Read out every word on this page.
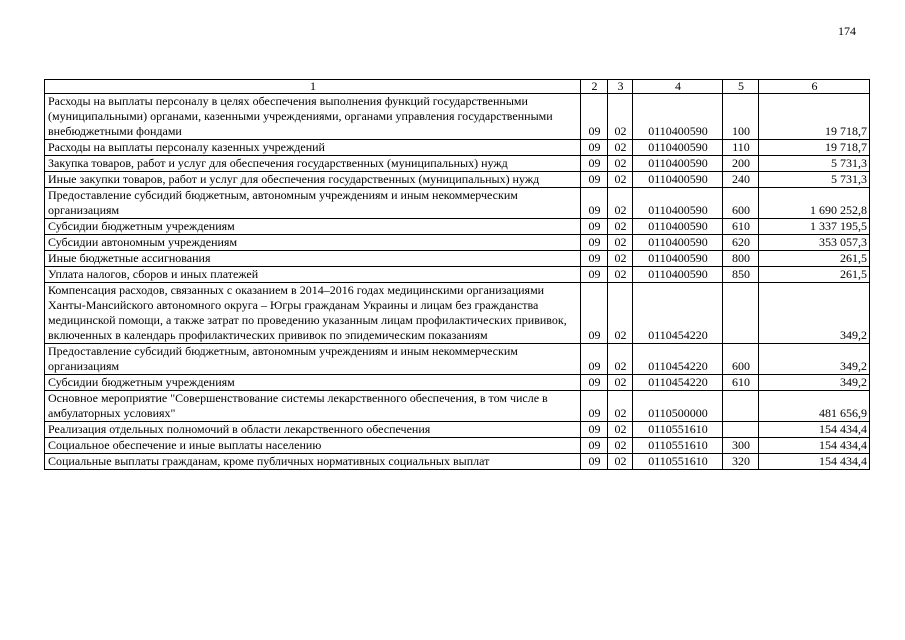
174
1	2	3	4	5	6
Расходы на выплаты персоналу в целях обеспечения выполнения функций государственными (муниципальными) органами, казенными учреждениями, органами управления государственными внебюджетными фондами	09	02	0110400590	100	19 718,7
Расходы на выплаты персоналу казенных учреждений	09	02	0110400590	110	19 718,7
Закупка товаров, работ и услуг для обеспечения государственных (муниципальных) нужд	09	02	0110400590	200	5 731,3
Иные закупки товаров, работ и услуг для обеспечения государственных (муниципальных) нужд	09	02	0110400590	240	5 731,3
Предоставление субсидий бюджетным, автономным учреждениям и иным некоммерческим организациям	09	02	0110400590	600	1 690 252,8
Субсидии бюджетным учреждениям	09	02	0110400590	610	1 337 195,5
Субсидии автономным учреждениям	09	02	0110400590	620	353 057,3
Иные бюджетные ассигнования	09	02	0110400590	800	261,5
Уплата налогов, сборов и иных платежей	09	02	0110400590	850	261,5
Компенсация расходов, связанных с оказанием в 2014–2016 годах медицинскими организациями Ханты-Мансийского автономного округа – Югры гражданам Украины и лицам без гражданства медицинской помощи, а также затрат по проведению указанным лицам профилактических прививок, включенных в календарь профилактических прививок по эпидемическим показаниям	09	02	0110454220		349,2
Предоставление субсидий бюджетным, автономным учреждениям и иным некоммерческим организациям	09	02	0110454220	600	349,2
Субсидии бюджетным учреждениям	09	02	0110454220	610	349,2
Основное мероприятие "Совершенствование системы лекарственного обеспечения, в том числе в амбулаторных условиях"	09	02	0110500000		481 656,9
Реализация отдельных полномочий в области лекарственного обеспечения	09	02	0110551610		154 434,4
Социальное обеспечение и иные выплаты населению	09	02	0110551610	300	154 434,4
Социальные выплаты гражданам, кроме публичных нормативных социальных выплат	09	02	0110551610	320	154 434,4
